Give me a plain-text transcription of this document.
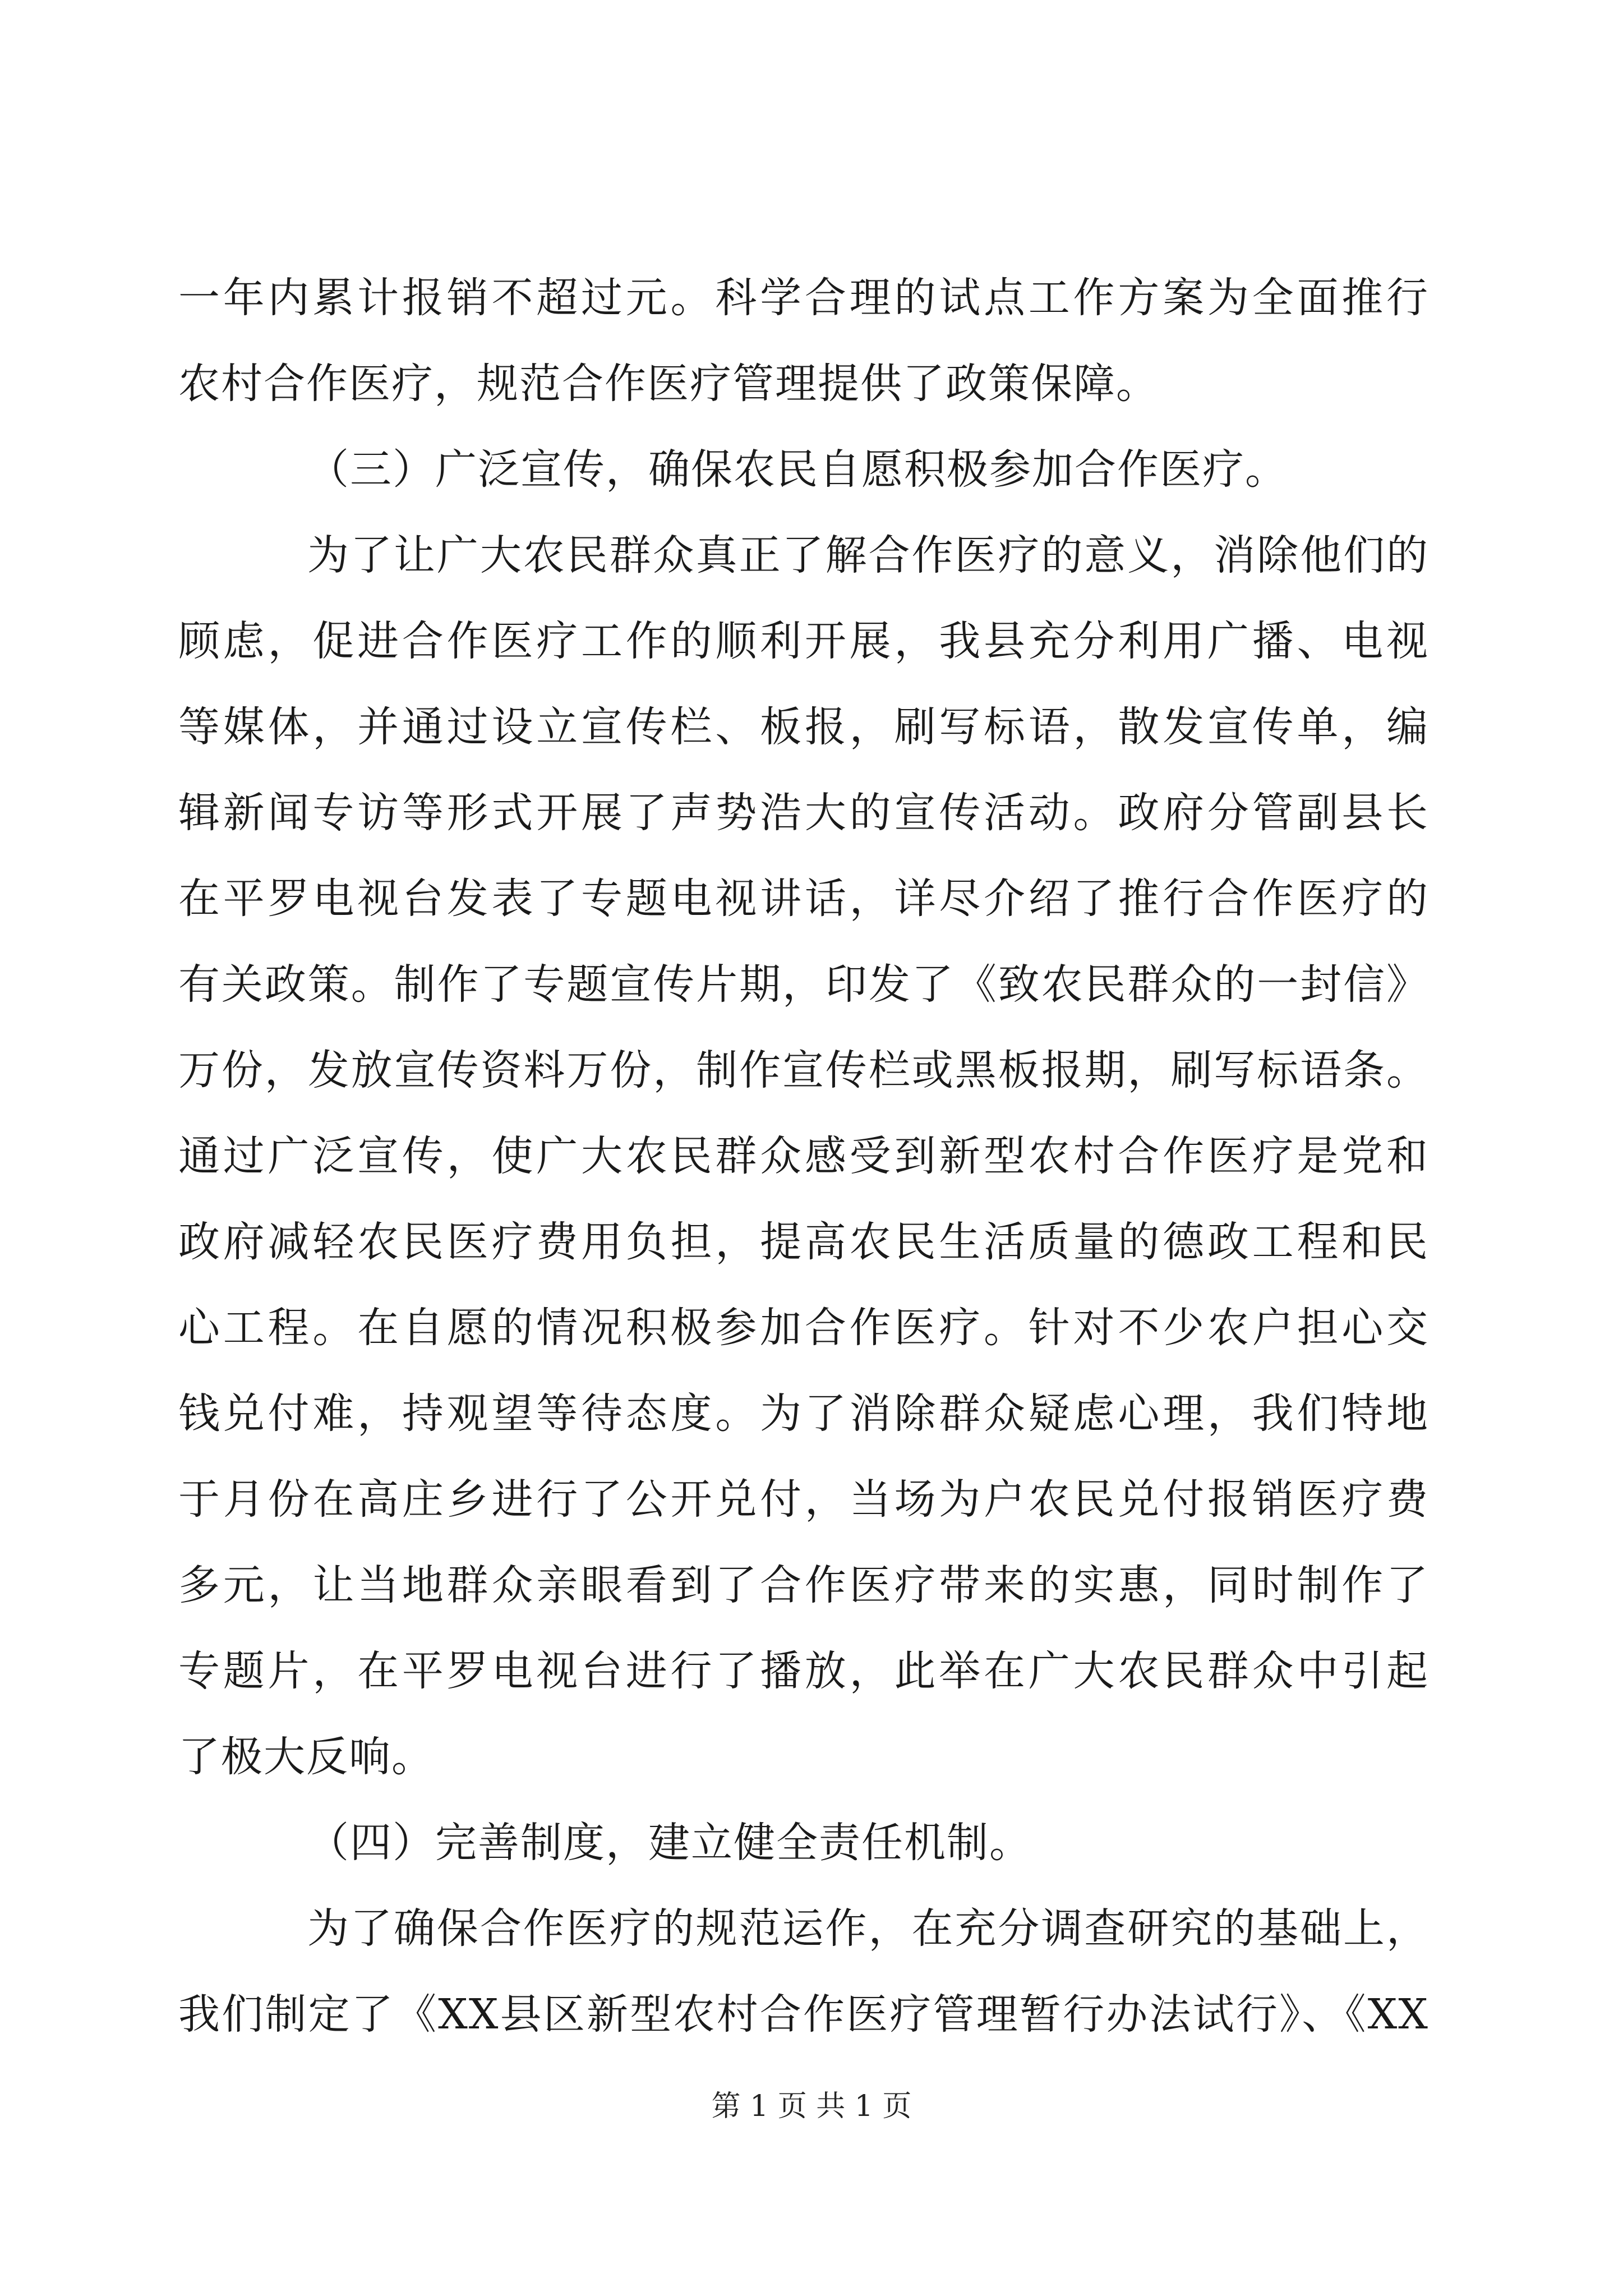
一年内累计报销不超过元。科学合理的试点工作方案为全面推行
农村合作医疗，规范合作医疗管理提供了政策保障。
（三）广泛宣传，确保农民自愿积极参加合作医疗。
为了让广大农民群众真正了解合作医疗的意义，消除他们的
顾虑，促进合作医疗工作的顺利开展，我县充分利用广播、电视
等媒体，并通过设立宣传栏、板报，刷写标语，散发宣传单，编
辑新闻专访等形式开展了声势浩大的宣传活动。政府分管副县长
在平罗电视台发表了专题电视讲话，详尽介绍了推行合作医疗的
有关政策。制作了专题宣传片期，印发了《致农民群众的一封信》
万份，发放宣传资料万份，制作宣传栏或黑板报期，刷写标语条。
通过广泛宣传，使广大农民群众感受到新型农村合作医疗是党和
政府减轻农民医疗费用负担，提高农民生活质量的德政工程和民
心工程。在自愿的情况积极参加合作医疗。针对不少农户担心交
钱兑付难，持观望等待态度。为了消除群众疑虑心理，我们特地
于月份在高庄乡进行了公开兑付，当场为户农民兑付报销医疗费
多元，让当地群众亲眼看到了合作医疗带来的实惠，同时制作了
专题片，在平罗电视台进行了播放，此举在广大农民群众中引起
了极大反响。
（四）完善制度，建立健全责任机制。
为了确保合作医疗的规范运作，在充分调查研究的基础上，
我们制定了《XX县区新型农村合作医疗管理暂行办法试行》、《XX
第 1 页 共 1 页
